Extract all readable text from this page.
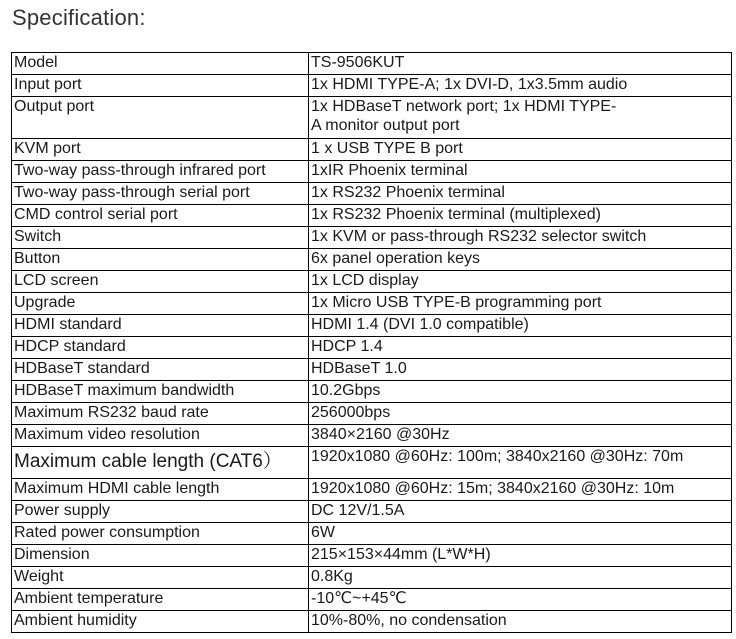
Specification:
Model	TS-9506KUT
Input port	1x HDMI TYPE-A; 1x DVI-D, 1x3.5mm audio
Output port	1x HDBaseT network port; 1x HDMI TYPE-
A monitor output port
KVM port	1 x USB TYPE B port
Two-way pass-through infrared port	1xIR Phoenix terminal
Two-way pass-through serial port	1x RS232 Phoenix terminal
CMD control serial port	1x RS232 Phoenix terminal (multiplexed)
Switch	1x KVM or pass-through RS232 selector switch
Button	6x panel operation keys
LCD screen	1x LCD display
Upgrade	1x Micro USB TYPE-B programming port
HDMI standard	HDMI 1.4 (DVI 1.0 compatible)
HDCP standard	HDCP 1.4
HDBaseT standard	HDBaseT 1.0
HDBaseT maximum bandwidth	10.2Gbps
Maximum RS232 baud rate	256000bps
Maximum video resolution	3840×2160 @30Hz
Maximum cable length (CAT6）	1920x1080 @60Hz: 100m; 3840x2160 @30Hz: 70m
Maximum HDMI cable length	1920x1080 @60Hz: 15m; 3840x2160 @30Hz: 10m
Power supply	DC 12V/1.5A
Rated power consumption	6W
Dimension	215×153×44mm (L*W*H)
Weight	0.8Kg
Ambient temperature	-10℃~+45℃
Ambient humidity	10%-80%, no condensation
